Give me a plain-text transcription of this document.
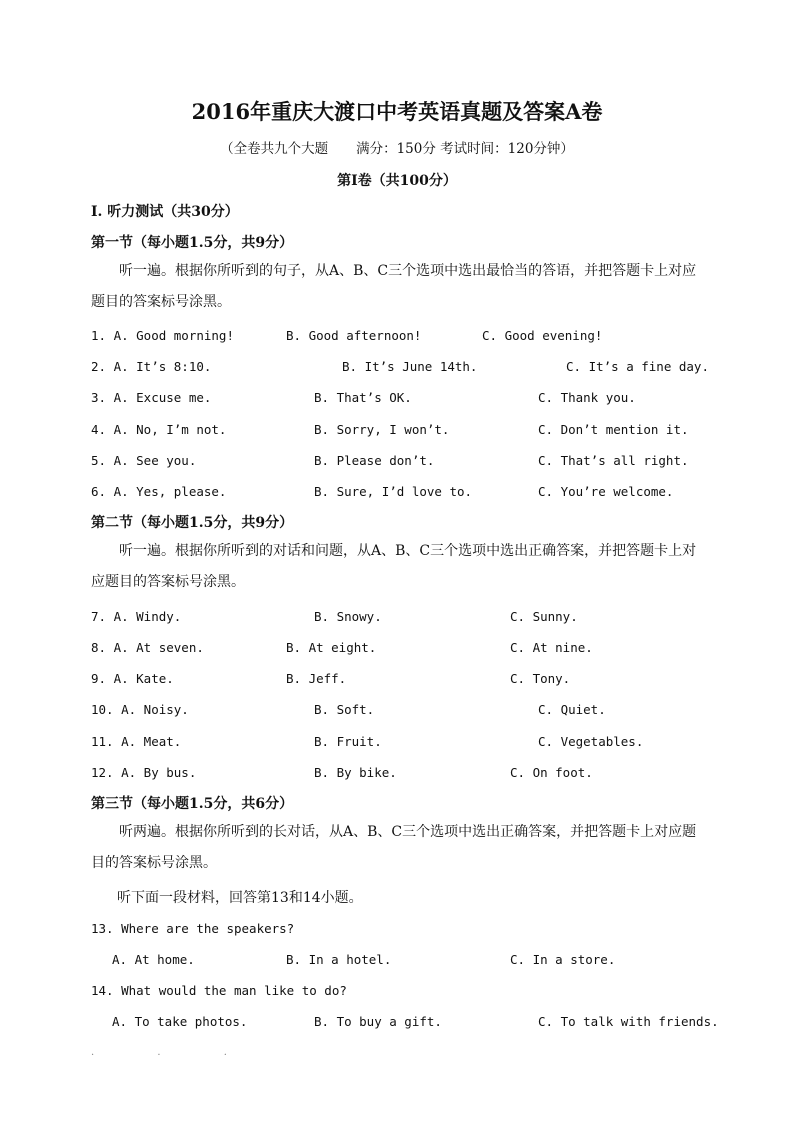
2016年重庆大渡口中考英语真题及答案A卷
（全卷共九个大题 满分：150分 考试时间：120分钟）
第I卷（共100分）
I. 听力测试（共30分）
第一节（每小题1.5分，共9分）
听一遍。根据你所听到的句子，从A、B、C三个选项中选出最恰当的答语，并把答题卡上对应题目的答案标号涂黑。
1. A. Good morning!	B. Good afternoon!	C. Good evening!
2. A. It’s 8:10.	B. It’s June 14th.	C. It’s a fine day.
3. A. Excuse me.	B. That’s OK.	C. Thank you.
4. A. No, I’m not.	B. Sorry, I won’t.	C. Don’t mention it.
5. A. See you.	B. Please don’t.	C. That’s all right.
6. A. Yes, please.	B. Sure, I’d love to.	C. You’re welcome.
第二节（每小题1.5分，共9分）
听一遍。根据你所听到的对话和问题，从A、B、C三个选项中选出正确答案，并把答题卡上对应题目的答案标号涂黑。
7. A. Windy.	B. Snowy.	C. Sunny.
8. A. At seven.	B. At eight.	C. At nine.
9. A. Kate.	B. Jeff.	C. Tony.
10. A. Noisy.	B. Soft.	C. Quiet.
11. A. Meat.	B. Fruit.	C. Vegetables.
12. A. By bus.	B. By bike.	C. On foot.
第三节（每小题1.5分，共6分）
听两遍。根据你所听到的长对话，从A、B、C三个选项中选出正确答案，并把答题卡上对应题目的答案标号涂黑。
听下面一段材料，回答第13和14小题。
13. Where are the speakers?
A. At home.	B. In a hotel.	C. In a store.
14. What would the man like to do?
A. To take photos.	B. To buy a gift.	C. To talk with friends.
· · ·
